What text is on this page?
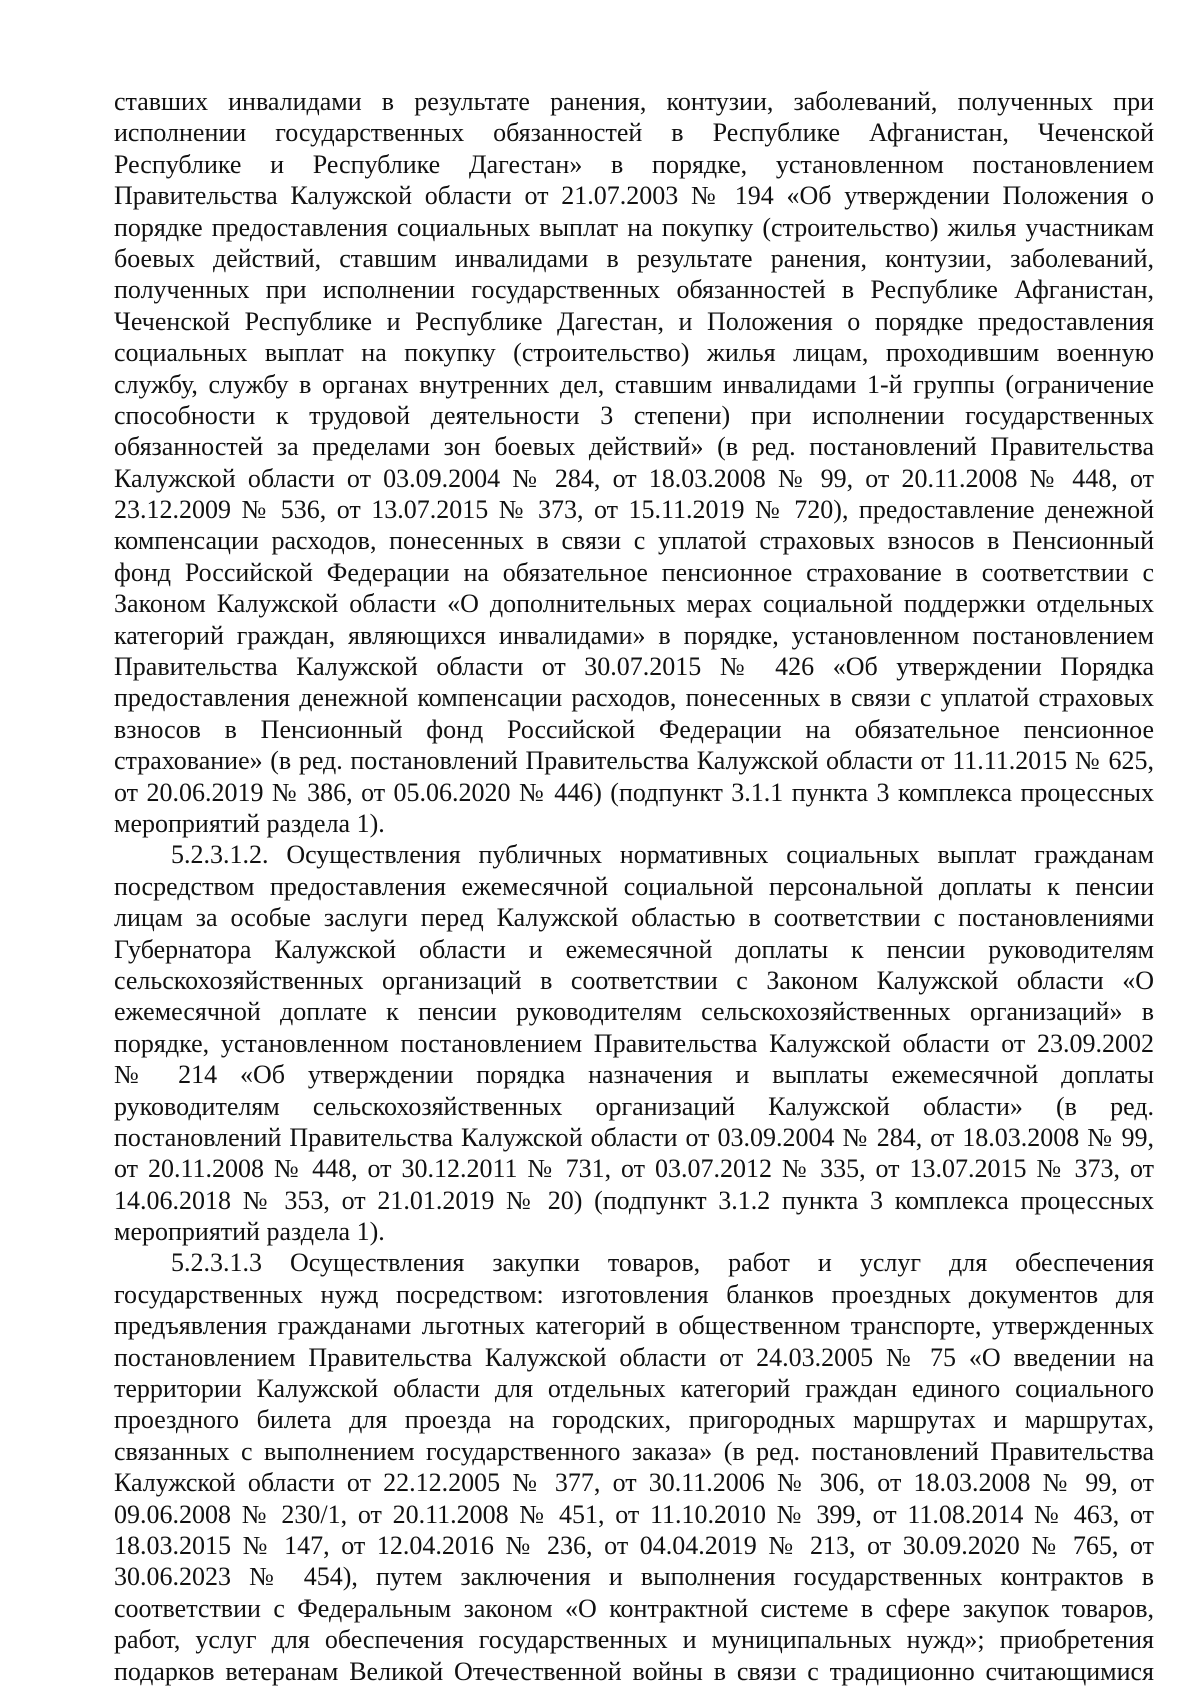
ставших инвалидами в результате ранения, контузии, заболеваний, полученных при
исполнении государственных обязанностей в Республике Афганистан, Чеченской
Республике и Республике Дагестан» в порядке, установленном постановлением
Правительства Калужской области от 21.07.2003 № 194 «Об утверждении Положения о
порядке предоставления социальных выплат на покупку (строительство) жилья участникам
боевых действий, ставшим инвалидами в результате ранения, контузии, заболеваний,
полученных при исполнении государственных обязанностей в Республике Афганистан,
Чеченской Республике и Республике Дагестан, и Положения о порядке предоставления
социальных выплат на покупку (строительство) жилья лицам, проходившим военную
службу, службу в органах внутренних дел, ставшим инвалидами 1-й группы (ограничение
способности к трудовой деятельности 3 степени) при исполнении государственных
обязанностей за пределами зон боевых действий» (в ред. постановлений Правительства
Калужской области от 03.09.2004 № 284, от 18.03.2008 № 99, от 20.11.2008 № 448, от
23.12.2009 № 536, от 13.07.2015 № 373, от 15.11.2019 № 720), предоставление денежной
компенсации расходов, понесенных в связи с уплатой страховых взносов в Пенсионный
фонд Российской Федерации на обязательное пенсионное страхование в соответствии с
Законом Калужской области «О дополнительных мерах социальной поддержки отдельных
категорий граждан, являющихся инвалидами» в порядке, установленном постановлением
Правительства Калужской области от 30.07.2015 № 426 «Об утверждении Порядка
предоставления денежной компенсации расходов, понесенных в связи с уплатой страховых
взносов в Пенсионный фонд Российской Федерации на обязательное пенсионное
страхование» (в ред. постановлений Правительства Калужской области от 11.11.2015 № 625,
от 20.06.2019 № 386, от 05.06.2020 № 446) (подпункт 3.1.1 пункта 3 комплекса процессных
мероприятий раздела 1).
5.2.3.1.2. Осуществления публичных нормативных социальных выплат гражданам
посредством предоставления ежемесячной социальной персональной доплаты к пенсии
лицам за особые заслуги перед Калужской областью в соответствии с постановлениями
Губернатора Калужской области и ежемесячной доплаты к пенсии руководителям
сельскохозяйственных организаций в соответствии с Законом Калужской области «О
ежемесячной доплате к пенсии руководителям сельскохозяйственных организаций» в
порядке, установленном постановлением Правительства Калужской области от 23.09.2002
№ 214 «Об утверждении порядка назначения и выплаты ежемесячной доплаты
руководителям сельскохозяйственных организаций Калужской области» (в ред.
постановлений Правительства Калужской области от 03.09.2004 № 284, от 18.03.2008 № 99,
от 20.11.2008 № 448, от 30.12.2011 № 731, от 03.07.2012 № 335, от 13.07.2015 № 373, от
14.06.2018 № 353, от 21.01.2019 № 20) (подпункт 3.1.2 пункта 3 комплекса процессных
мероприятий раздела 1).
5.2.3.1.3 Осуществления закупки товаров, работ и услуг для обеспечения
государственных нужд посредством: изготовления бланков проездных документов для
предъявления гражданами льготных категорий в общественном транспорте, утвержденных
постановлением Правительства Калужской области от 24.03.2005 № 75 «О введении на
территории Калужской области для отдельных категорий граждан единого социального
проездного билета для проезда на городских, пригородных маршрутах и маршрутах,
связанных с выполнением государственного заказа» (в ред. постановлений Правительства
Калужской области от 22.12.2005 № 377, от 30.11.2006 № 306, от 18.03.2008 № 99, от
09.06.2008 № 230/1, от 20.11.2008 № 451, от 11.10.2010 № 399, от 11.08.2014 № 463, от
18.03.2015 № 147, от 12.04.2016 № 236, от 04.04.2019 № 213, от 30.09.2020 № 765, от
30.06.2023 № 454), путем заключения и выполнения государственных контрактов в
соответствии с Федеральным законом «О контрактной системе в сфере закупок товаров,
работ, услуг для обеспечения государственных и муниципальных нужд»; приобретения
подарков ветеранам Великой Отечественной войны в связи с традиционно считающимися
